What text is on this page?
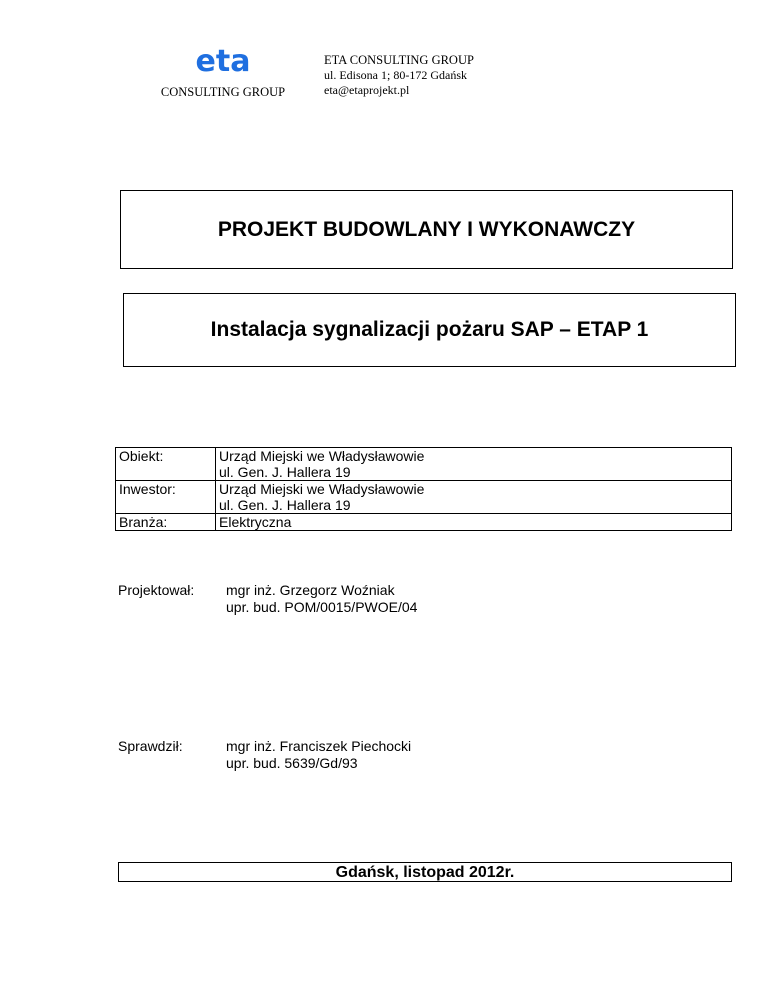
eta
CONSULTING GROUP
ETA CONSULTING GROUP
ul. Edisona 1; 80-172 Gdańsk
eta@etaprojekt.pl
PROJEKT BUDOWLANY I WYKONAWCZY
Instalacja sygnalizacji pożaru SAP – ETAP 1
Obiekt:	Urząd Miejski we Władysławowie
ul. Gen. J. Hallera 19

Inwestor:	Urząd Miejski we Władysławowie
ul. Gen. J. Hallera 19

Branża:	Elektryczna
Projektował:	mgr inż. Grzegorz Woźniak
upr. bud. POM/0015/PWOE/04
Sprawdził:	mgr inż. Franciszek Piechocki
upr. bud. 5639/Gd/93
Gdańsk, listopad 2012r.
